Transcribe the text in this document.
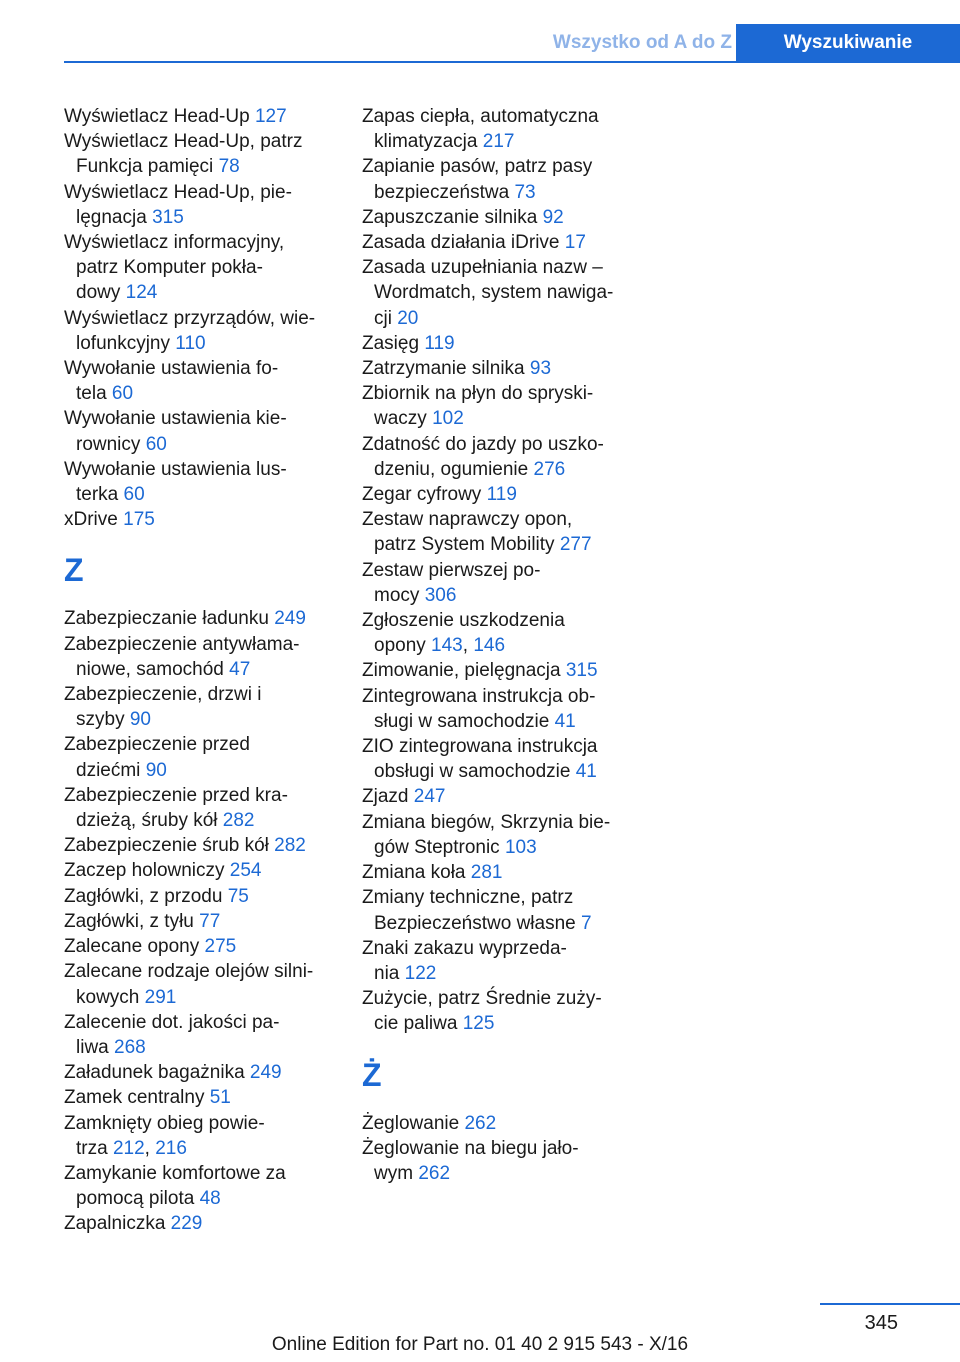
Wszystko od A do Z	Wyszukiwanie
Wyświetlacz Head-Up 127
Wyświetlacz Head-Up, patrz
Funkcja pamięci 78
Wyświetlacz Head-Up, pie‐
lęgnacja 315
Wyświetlacz informacyjny,
patrz Komputer pokła‐
dowy 124
Wyświetlacz przyrządów, wie‐
lofunkcyjny 110
Wywołanie ustawienia fo‐
tela 60
Wywołanie ustawienia kie‐
rownicy 60
Wywołanie ustawienia lus‐
terka 60
xDrive 175
Z
Zabezpieczanie ładunku 249
Zabezpieczenie antywłama‐
niowe, samochód 47
Zabezpieczenie, drzwi i
szyby 90
Zabezpieczenie przed
dziećmi 90
Zabezpieczenie przed kra‐
dzieżą, śruby kół 282
Zabezpieczenie śrub kół 282
Zaczep holowniczy 254
Zagłówki, z przodu 75
Zagłówki, z tyłu 77
Zalecane opony 275
Zalecane rodzaje olejów silni‐
kowych 291
Zalecenie dot. jakości pa‐
liwa 268
Załadunek bagażnika 249
Zamek centralny 51
Zamknięty obieg powie‐
trza 212, 216
Zamykanie komfortowe za
pomocą pilota 48
Zapalniczka 229
Zapas ciepła, automatyczna
klimatyzacja 217
Zapianie pasów, patrz pasy
bezpieczeństwa 73
Zapuszczanie silnika 92
Zasada działania iDrive 17
Zasada uzupełniania nazw –
Wordmatch, system nawiga‐
cji 20
Zasięg 119
Zatrzymanie silnika 93
Zbiornik na płyn do spryski‐
waczy 102
Zdatność do jazdy po uszko‐
dzeniu, ogumienie 276
Zegar cyfrowy 119
Zestaw naprawczy opon,
patrz System Mobility 277
Zestaw pierwszej po‐
mocy 306
Zgłoszenie uszkodzenia
opony 143, 146
Zimowanie, pielęgnacja 315
Zintegrowana instrukcja ob‐
sługi w samochodzie 41
ZIO zintegrowana instrukcja
obsługi w samochodzie 41
Zjazd 247
Zmiana biegów, Skrzynia bie‐
gów Steptronic 103
Zmiana koła 281
Zmiany techniczne, patrz
Bezpieczeństwo własne 7
Znaki zakazu wyprzeda‐
nia 122
Zużycie, patrz Średnie zuży‐
cie paliwa 125
Ż
Żeglowanie 262
Żeglowanie na biegu jało‐
wym 262
345
Online Edition for Part no. 01 40 2 915 543 - X/16
